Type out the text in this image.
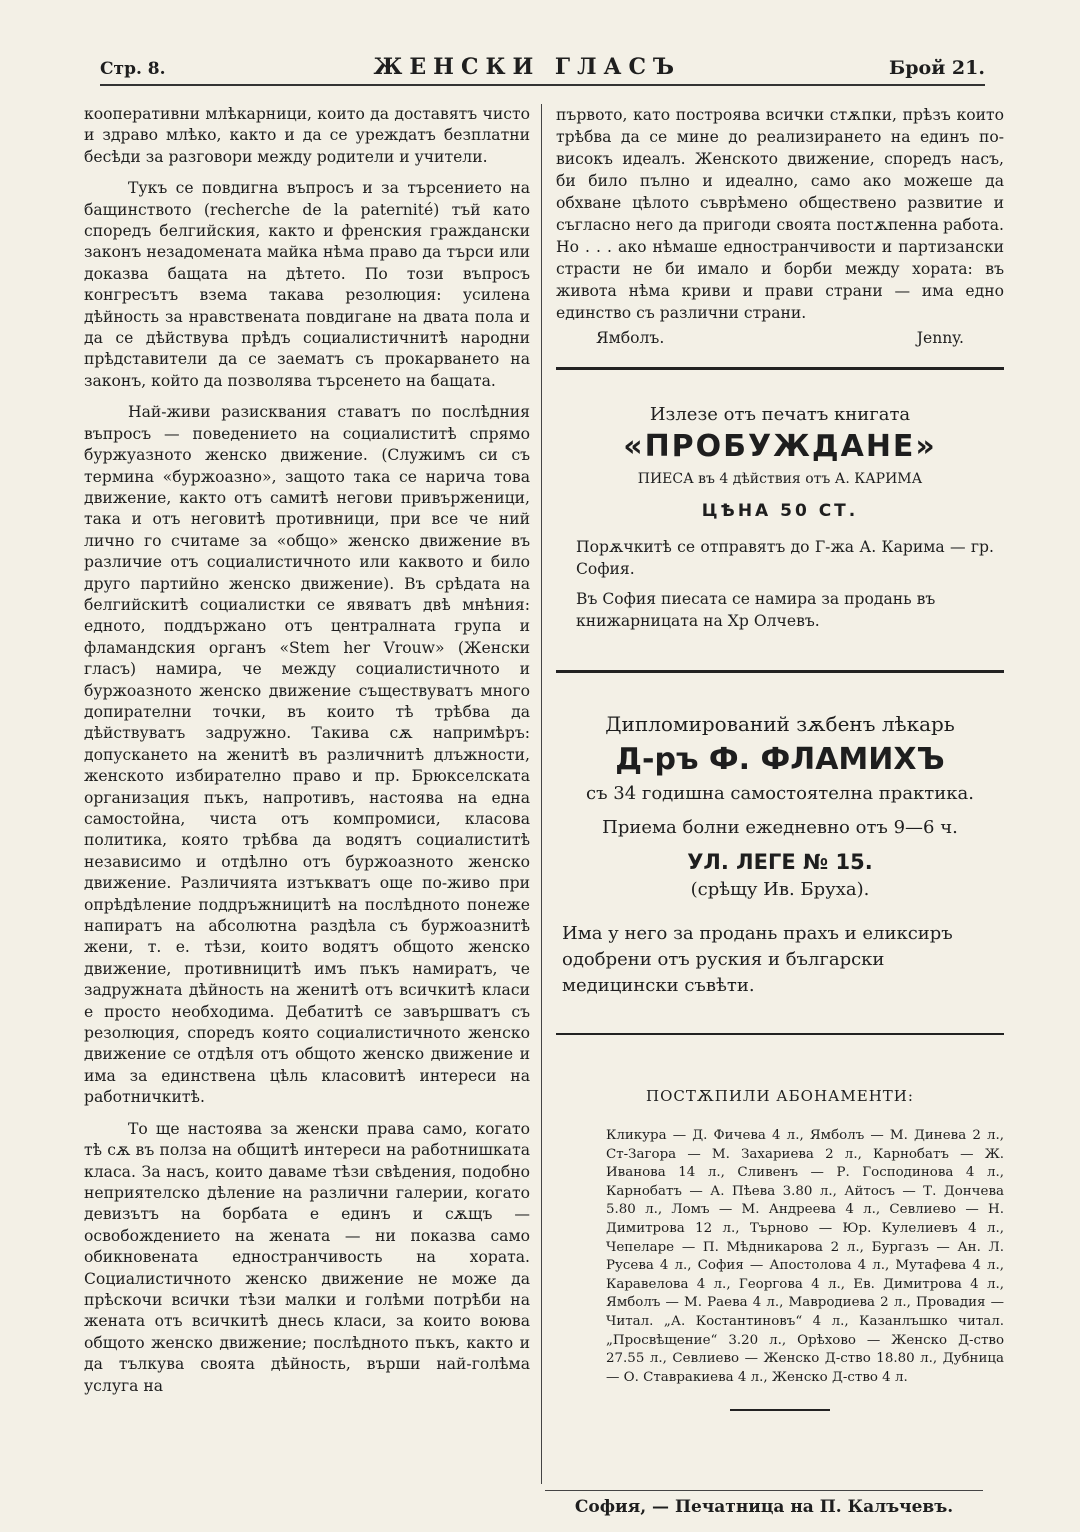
Стр. 8.	ЖЕНСКИ ГЛАСЪ	Брой 21.

кооперативни млѣкарници, които да доставятъ чисто и здраво млѣко, както и да се уреждатъ безплатни бесѣди за разговори между родители и учители.

Тукъ се повдигна въпросъ и за търсението на бащинството (recherche de la paternité) тъй като споредъ белгийския, както и френския граждански законъ незадомената майка нѣма право да търси или доказва бащата на дѣтето. По този въпросъ конгресътъ взема такава резолюция: усилена дѣйность за нравствената повдигане на двата пола и да се дѣйствува прѣдъ социалистичнитѣ народни прѣдставители да се заематъ съ прокарването на законъ, който да позволява търсенето на бащата.

Най-живи разисквания ставатъ по послѣдния въпросъ — поведението на социалиститѣ спрямо буржуазното женско движение. (Служимъ си съ термина «буржоазно», защото така се нарича това движение, както отъ самитѣ негови привърженици, така и отъ неговитѣ противници, при все че ний лично го считаме за «общо» женско движение въ различие отъ социалистичното или каквото и било друго партийно женско движение). Въ срѣдата на белгийскитѣ социалистки се явяватъ двѣ мнѣния: едното, поддържано отъ централната група и фламандския органъ «Stem her Vrouw» (Женски гласъ) намира, че между социалистичното и буржоазното женско движение съществуватъ много допирателни точки, въ които тѣ трѣбва да дѣйствуватъ задружно. Такива сѫ напримѣръ: допускането на женитѣ въ различнитѣ длъжности, женското избирателно право и пр. Брюкселската организация пъкъ, напротивъ, настоява на една самостойна, чиста отъ компромиси, класова политика, която трѣбва да водятъ социалиститѣ независимо и отдѣлно отъ буржоазното женско движение. Различията изтъкватъ още по-живо при опрѣдѣление поддръжницитѣ на послѣдното понеже напиратъ на абсолютна раздѣла съ буржоазнитѣ жени, т. е. тѣзи, които водятъ общото женско движение, противницитѣ имъ пъкъ намиратъ, че задружната дѣйность на женитѣ отъ всичкитѣ класи е просто необходима. Дебатитѣ се завършватъ съ резолюция, споредъ която социалистичното женско движение се отдѣля отъ общото женско движение и има за единствена цѣль класовитѣ интереси на работничкитѣ.

То ще настоява за женски права само, когато тѣ сѫ въ полза на общитѣ интереси на работнишката класа. За насъ, които даваме тѣзи свѣдения, подобно неприятелско дѣление на различни галерии, когато девизътъ на борбата е единъ и сѫщъ — освобождението на жената — ни показва само обикновената едностранчивость на хората. Социалистичното женско движение не може да прѣскочи всички тѣзи малки и голѣми потрѣби на жената отъ всичкитѣ днесь класи, за които воюва общото женско движение; послѣдното пъкъ, както и да тълкува своята дѣйность, върши най-голѣма услуга на

първото, като построява всички стѫпки, прѣзъ които трѣбва да се мине до реализирането на единъ по-високъ идеалъ. Женското движение, споредъ насъ, би било пълно и идеално, само ако можеше да обхване цѣлото съврѣмено обществено развитие и съгласно него да пригоди своята постѫпенна работа. Но . . . ако нѣмаше едностранчивости и партизански страсти не би имало и борби между хората: въ живота нѣма криви и прави страни — има едно единство съ различни страни.

Ямболъ.	Jenny.
Излезе отъ печатъ книгата
«ПРОБУЖДАНЕ»
ПИЕСА въ 4 дѣйствия отъ А. КАРИМА
ЦѢНА 50 СТ.
Порѫчкитѣ се отправятъ до Г-жа А. Карима — гр. София.
Въ София пиесата се намира за продань въ книжарницата на Хр Олчевъ.
Дипломирований зѫбенъ лѣкарь
Д-ръ Ф. ФЛАМИХЪ
съ 34 годишна самостоятелна практика.
Приема болни ежедневно отъ 9—6 ч.
УЛ. ЛЕГЕ № 15.
(срѣщу Ив. Бруха).
Има у него за продань прахъ и еликсиръ одобрени отъ руския и български медицински съвѣти.
ПОСТѪПИЛИ АБОНАМЕНТИ:
Кликура — Д. Фичева 4 л., Ямболъ — М. Динева 2 л., Ст-Загора — М. Захариева 2 л., Карнобатъ — Ж. Иванова 14 л., Сливенъ — Р. Господинова 4 л., Карнобатъ — А. Пѣева 3.80 л., Айтосъ — Т. Дончева 5.80 л., Ломъ — М. Андреева 4 л., Севлиево — Н. Димитрова 12 л., Търново — Юр. Кулелиевъ 4 л., Чепеларе — П. Мѣдникарова 2 л., Бургазъ — Ан. Л. Русева 4 л., София — Апостолова 4 л., Мутафева 4 л., Каравелова 4 л., Георгова 4 л., Ев. Димитрова 4 л., Ямболъ — М. Раева 4 л., Мавродиева 2 л., Провадия — Читал. „А. Костантиновъ“ 4 л., Казанлъшко читал. „Просвѣщение“ 3.20 л., Орѣхово — Женско Д-ство 27.55 л., Севлиево — Женско Д-ство 18.80 л., Дубница — О. Ставракиева 4 л., Женско Д-ство 4 л.
София, — Печатница на П. Калъчевъ.
